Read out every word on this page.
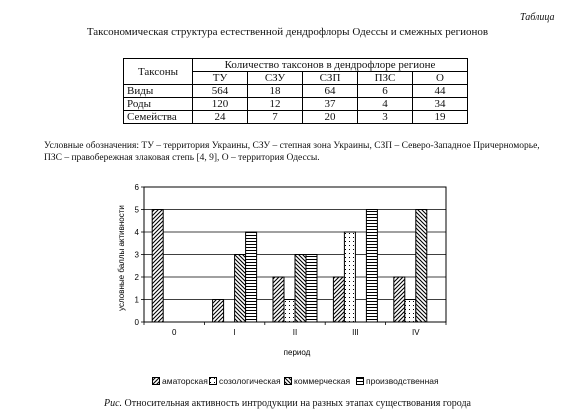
Таблица
Таксономическая структура естественной дендрофлоры Одессы и смежных регионов
Таксоны	Количество таксонов в дендрофлоре регионе				
	ТУ	СЗУ	СЗП	ПЗС	О
Виды	564	18	64	6	44
Роды	120	12	37	4	34
Семейства	24	7	20	3	19
Условные обозначения: ТУ – территория Украины, СЗУ – степная зона Украины, СЗП – Северо-Западное Причерноморье, ПЗС – правобережная злаковая степь [4, 9], О – территория Одессы.
0
1
2
3
4
5
6
0	I	II	III	IV
условные баллы активности
период
аматорская созологическая коммерческая производственная
Рис. Относительная активность интродукции на разных этапах существования города
